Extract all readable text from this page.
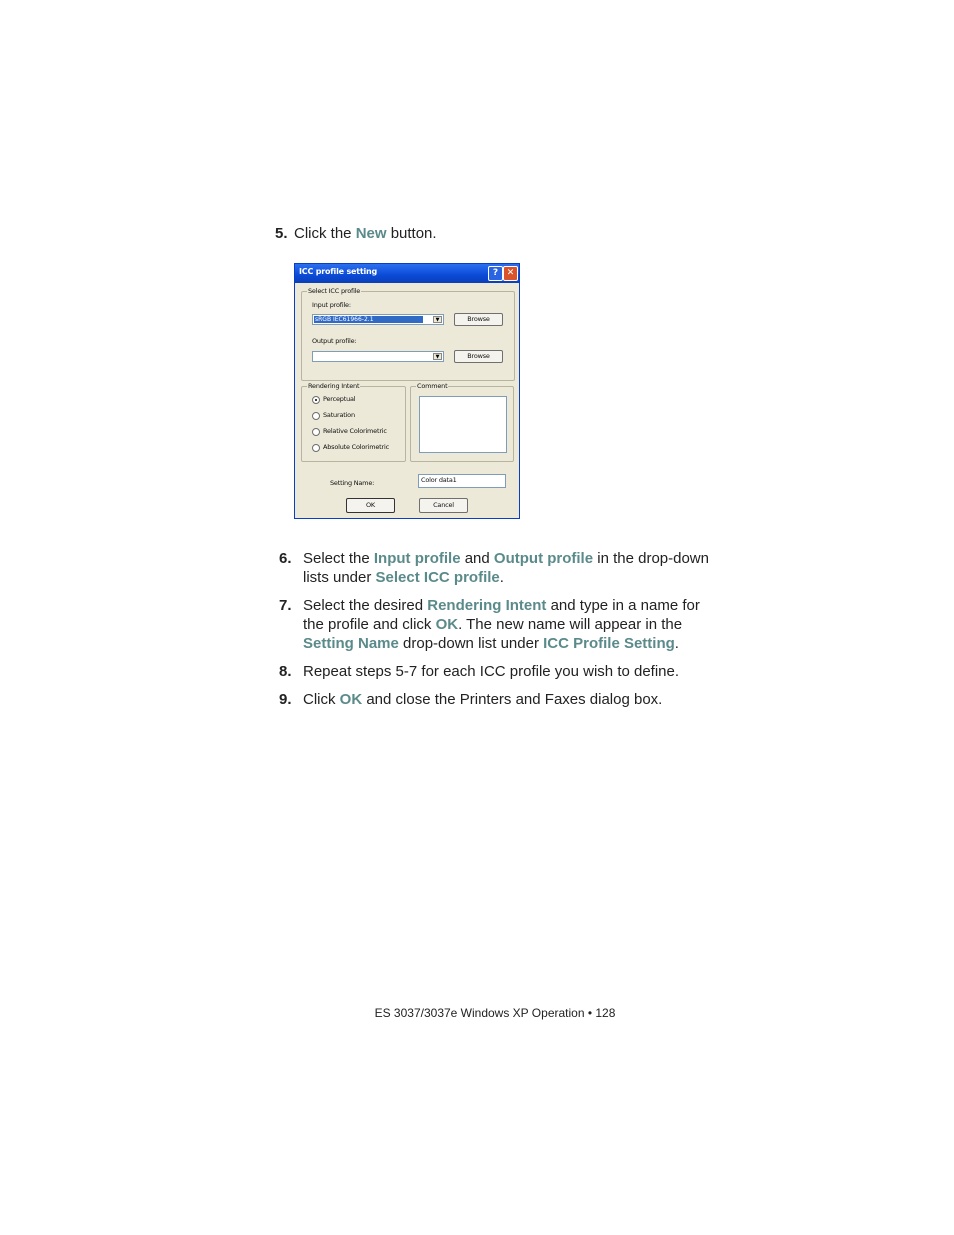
5. Click the New button.
ICC profile setting	? ✕
Select ICC profile
Input profile:
sRGB IEC61966-2.1	▼	Browse
Output profile:
▼	Browse
Rendering Intent
Perceptual
Saturation
Relative Colorimetric
Absolute Colorimetric
Comment
Setting Name:	Color data1
OK	Cancel
6. Select the Input profile and Output profile in the drop-down
lists under Select ICC profile.
7. Select the desired Rendering Intent and type in a name for
the profile and click OK. The new name will appear in the
Setting Name drop-down list under ICC Profile Setting.
8. Repeat steps 5-7 for each ICC profile you wish to define.
9. Click OK and close the Printers and Faxes dialog box.
ES 3037/3037e Windows XP Operation • 128
